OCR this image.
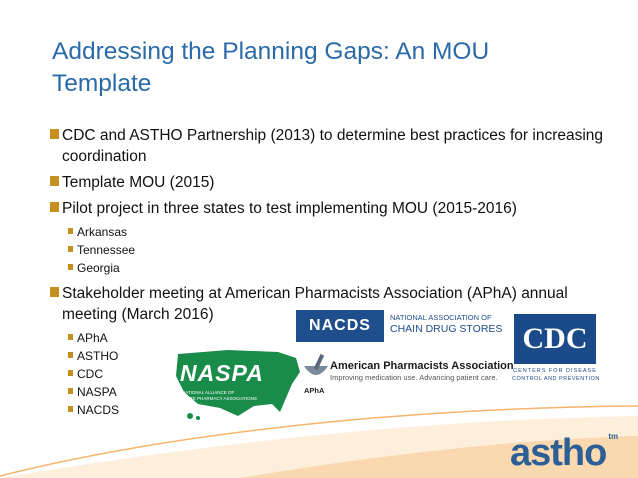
Addressing the Planning Gaps: An MOU Template
CDC and ASTHO Partnership (2013) to determine best practices for increasing coordination
Template MOU (2015)
Pilot project in three states to test implementing MOU (2015-2016)
Arkansas
Tennessee
Georgia
Stakeholder meeting at American Pharmacists Association (APhA) annual meeting (March 2016)
APhA
ASTHO
CDC
NASPA
NACDS
NACDS	NATIONAL ASSOCIATION OF
CHAIN DRUG STORES CDC
CENTERS FOR DISEASE
CONTROL AND PREVENTION
American Pharmacists Association
Improving medication use. Advancing patient care.
APhA
NASPA
NATIONAL ALLIANCE OF
STATE PHARMACY ASSOCIATIONS
astho $^{tm}$
